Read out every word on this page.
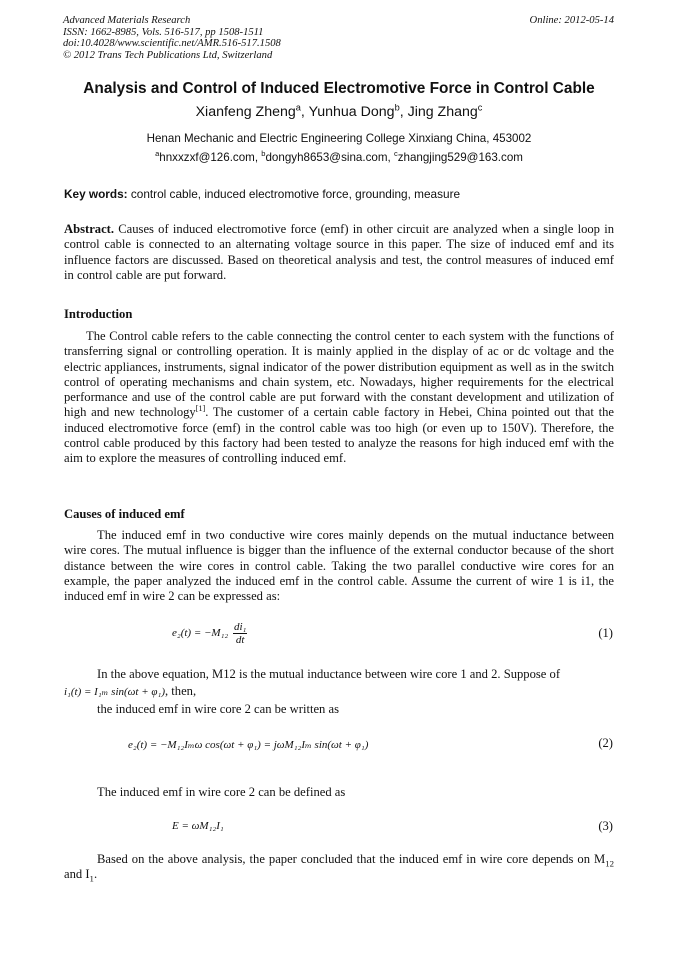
Advanced Materials Research
ISSN: 1662-8985, Vols. 516-517, pp 1508-1511
doi:10.4028/www.scientific.net/AMR.516-517.1508
© 2012 Trans Tech Publications Ltd, Switzerland
Online: 2012-05-14
Analysis and Control of Induced Electromotive Force in Control Cable
Xianfeng Zheng$^a$, Yunhua Dong$^b$, Jing Zhang$^c$
Henan Mechanic and Electric Engineering College Xinxiang China, 453002
$^a$hnxxzxf@126.com, $^b$dongyh8653@sina.com, $^c$zhangjing529@163.com
Key words: control cable, induced electromotive force, grounding, measure
Abstract. Causes of induced electromotive force (emf) in other circuit are analyzed when a single loop in control cable is connected to an alternating voltage source in this paper. The size of induced emf and its influence factors are discussed. Based on theoretical analysis and test, the control measures of induced emf in control cable are put forward.
Introduction
The Control cable refers to the cable connecting the control center to each system with the functions of transferring signal or controlling operation. It is mainly applied in the display of ac or dc voltage and the electric appliances, instruments, signal indicator of the power distribution equipment as well as in the switch control of operating mechanisms and chain system, etc. Nowadays, higher requirements for the electrical performance and use of the control cable are put forward with the constant development and utilization of high and new technology[1]. The customer of a certain cable factory in Hebei, China pointed out that the induced electromotive force (emf) in the control cable was too high (or even up to 150V). Therefore, the control cable produced by this factory had been tested to analyze the reasons for high induced emf with the aim to explore the measures of controlling induced emf.
Causes of induced emf
The induced emf in two conductive wire cores mainly depends on the mutual inductance between wire cores. The mutual influence is bigger than the influence of the external conductor because of the short distance between the wire cores in control cable. Taking the two parallel conductive wire cores for an example, the paper analyzed the induced emf in the control cable. Assume the current of wire 1 is i1, the induced emf in wire 2 can be expressed as:
$e_2(t) = -M_{12} \frac{\text{di₁}}{dt}$	(1)
In the above equation, M12 is the mutual inductance between wire core 1 and 2. Suppose of
i₁(t) = I₁ₘ sin(ωt + φ₁), then,
the induced emf in wire core 2 can be written as
e₂(t) = −M₁₂Iₘω cos(ωt + φ₁) = jωM₁₂Iₘ sin(ωt + φ₁)	(2)
The induced emf in wire core 2 can be defined as
E = ωM₁₂I₁	(3)
Based on the above analysis, the paper concluded that the induced emf in wire core depends on $M_{12}$ and $I_1$.
